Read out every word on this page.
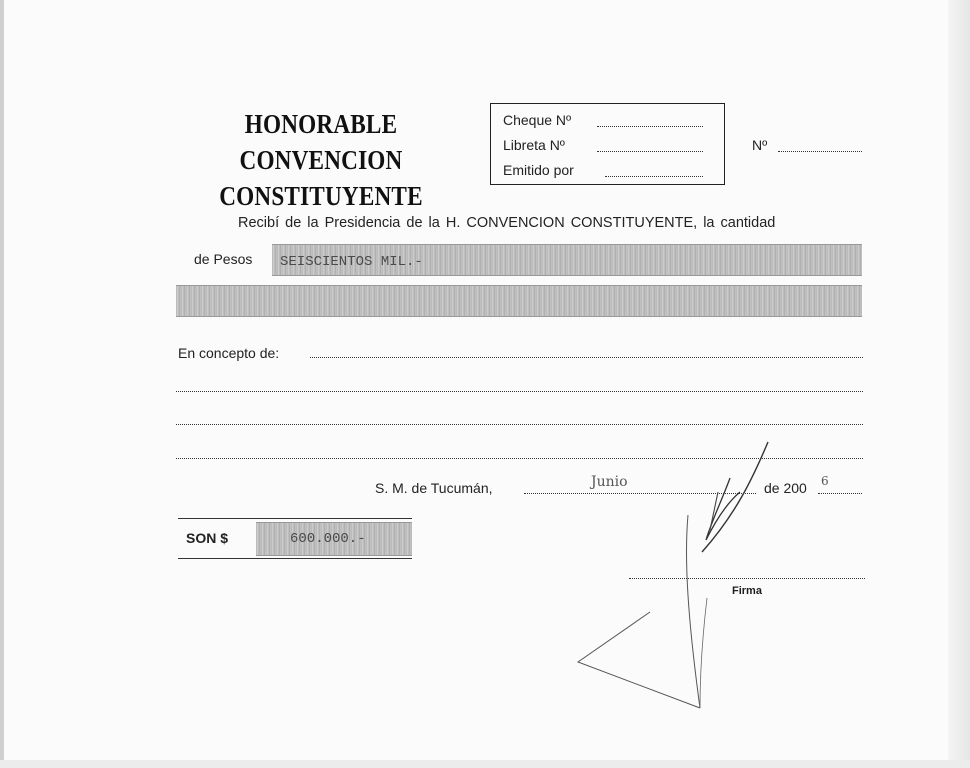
HONORABLE CONVENCION
CONSTITUYENTE
Cheque Nº
Libreta Nº
Emitido por
Nº
Recibí de la Presidencia de la H. CONVENCION CONSTITUYENTE, la cantidad
de Pesos SEISCIENTOS MIL.-
En concepto de:
S. M. de Tucumán,	Junio	de 200 6
SON $	600.000.-
Firma
